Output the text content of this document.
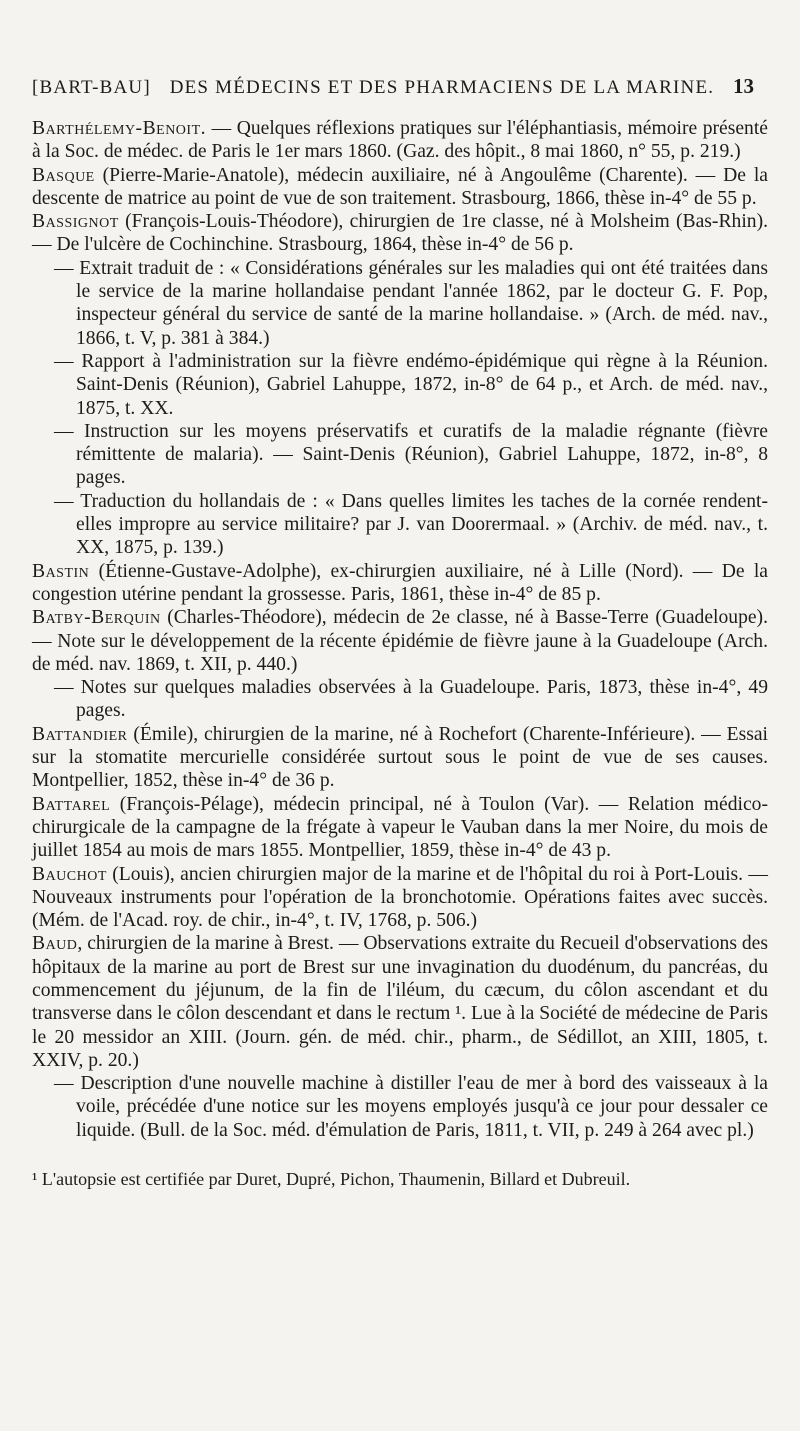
[BART-BAU] DES MÉDECINS ET DES PHARMACIENS DE LA MARINE. 13

Barthélemy-Benoit. — Quelques réflexions pratiques sur l'éléphantiasis, mémoire présenté à la Soc. de médec. de Paris le 1er mars 1860. (Gaz. des hôpit., 8 mai 1860, n° 55, p. 219.)

Basque (Pierre-Marie-Anatole), médecin auxiliaire, né à Angoulême (Charente). — De la descente de matrice au point de vue de son traitement. Strasbourg, 1866, thèse in-4° de 55 p.

Bassignot (François-Louis-Théodore), chirurgien de 1re classe, né à Molsheim (Bas-Rhin). — De l'ulcère de Cochinchine. Strasbourg, 1864, thèse in-4° de 56 p.

— Extrait traduit de : « Considérations générales sur les maladies qui ont été traitées dans le service de la marine hollandaise pendant l'année 1862, par le docteur G. F. Pop, inspecteur général du service de santé de la marine hollandaise. » (Arch. de méd. nav., 1866, t. V, p. 381 à 384.)

— Rapport à l'administration sur la fièvre endémo-épidémique qui règne à la Réunion. Saint-Denis (Réunion), Gabriel Lahuppe, 1872, in-8° de 64 p., et Arch. de méd. nav., 1875, t. XX.

— Instruction sur les moyens préservatifs et curatifs de la maladie régnante (fièvre rémittente de malaria). — Saint-Denis (Réunion), Gabriel Lahuppe, 1872, in-8°, 8 pages.

— Traduction du hollandais de : « Dans quelles limites les taches de la cornée rendent-elles impropre au service militaire? par J. van Doorermaal. » (Archiv. de méd. nav., t. XX, 1875, p. 139.)

Bastin (Étienne-Gustave-Adolphe), ex-chirurgien auxiliaire, né à Lille (Nord). — De la congestion utérine pendant la grossesse. Paris, 1861, thèse in-4° de 85 p.

Batby-Berquin (Charles-Théodore), médecin de 2e classe, né à Basse-Terre (Guadeloupe). — Note sur le développement de la récente épidémie de fièvre jaune à la Guadeloupe (Arch. de méd. nav. 1869, t. XII, p. 440.)

— Notes sur quelques maladies observées à la Guadeloupe. Paris, 1873, thèse in-4°, 49 pages.

Battandier (Émile), chirurgien de la marine, né à Rochefort (Charente-Inférieure). — Essai sur la stomatite mercurielle considérée surtout sous le point de vue de ses causes. Montpellier, 1852, thèse in-4° de 36 p.

Battarel (François-Pélage), médecin principal, né à Toulon (Var). — Relation médico-chirurgicale de la campagne de la frégate à vapeur le Vauban dans la mer Noire, du mois de juillet 1854 au mois de mars 1855. Montpellier, 1859, thèse in-4° de 43 p.

Bauchot (Louis), ancien chirurgien major de la marine et de l'hôpital du roi à Port-Louis. — Nouveaux instruments pour l'opération de la bronchotomie. Opérations faites avec succès. (Mém. de l'Acad. roy. de chir., in-4°, t. IV, 1768, p. 506.)

Baud, chirurgien de la marine à Brest. — Observations extraite du Recueil d'observations des hôpitaux de la marine au port de Brest sur une invagination du duodénum, du pancréas, du commencement du jéjunum, de la fin de l'iléum, du cæcum, du côlon ascendant et du transverse dans le côlon descendant et dans le rectum ¹. Lue à la Société de médecine de Paris le 20 messidor an XIII. (Journ. gén. de méd. chir., pharm., de Sédillot, an XIII, 1805, t. XXIV, p. 20.)

— Description d'une nouvelle machine à distiller l'eau de mer à bord des vaisseaux à la voile, précédée d'une notice sur les moyens employés jusqu'à ce jour pour dessaler ce liquide. (Bull. de la Soc. méd. d'émulation de Paris, 1811, t. VII, p. 249 à 264 avec pl.)

¹ L'autopsie est certifiée par Duret, Dupré, Pichon, Thaumenin, Billard et Dubreuil.
